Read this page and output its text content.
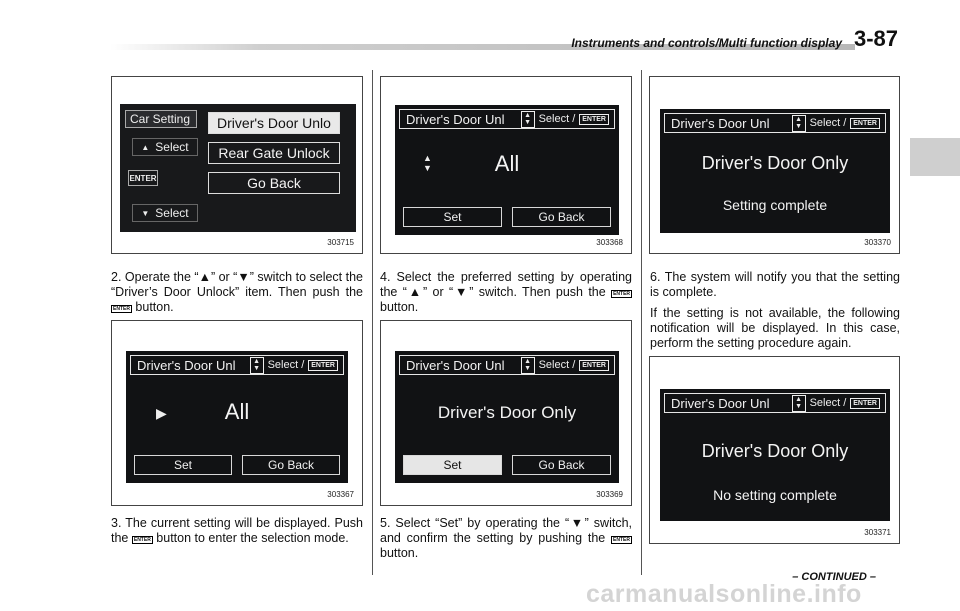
Instruments and controls/Multi function display 3-87
Car Setting
▲ Select
ENTER
▼ Select
Driver's Door Unlo
Rear Gate Unlock
Go Back
303715
2. Operate the “▲” or “▼” switch to select the “Driver’s Door Unlock” item. Then push the ENTER button.
Driver's Door Unl	▲
▼ Select /	ENTER
▶	All
Set	Go Back
303367
3. The current setting will be displayed. Push the ENTER button to enter the selection mode.
Driver's Door Unl	▲
▼ Select /	ENTER
▲
▼	All
Set	Go Back
303368
4. Select the preferred setting by operating the “▲” or “▼” switch. Then push the ENTER button.
Driver's Door Unl	▲
▼ Select /	ENTER
Driver's Door Only
Set	Go Back
303369
5. Select “Set” by operating the “▼” switch, and confirm the setting by pushing the ENTER button.
Driver's Door Unl	▲
▼ Select /	ENTER
Driver's Door Only
Setting complete
303370
6. The system will notify you that the setting is complete.
If the setting is not available, the following notification will be displayed. In this case, perform the setting procedure again.
Driver's Door Unl	▲
▼ Select /	ENTER
Driver's Door Only
No setting complete
303371
– CONTINUED –
carmanualsonline.info
